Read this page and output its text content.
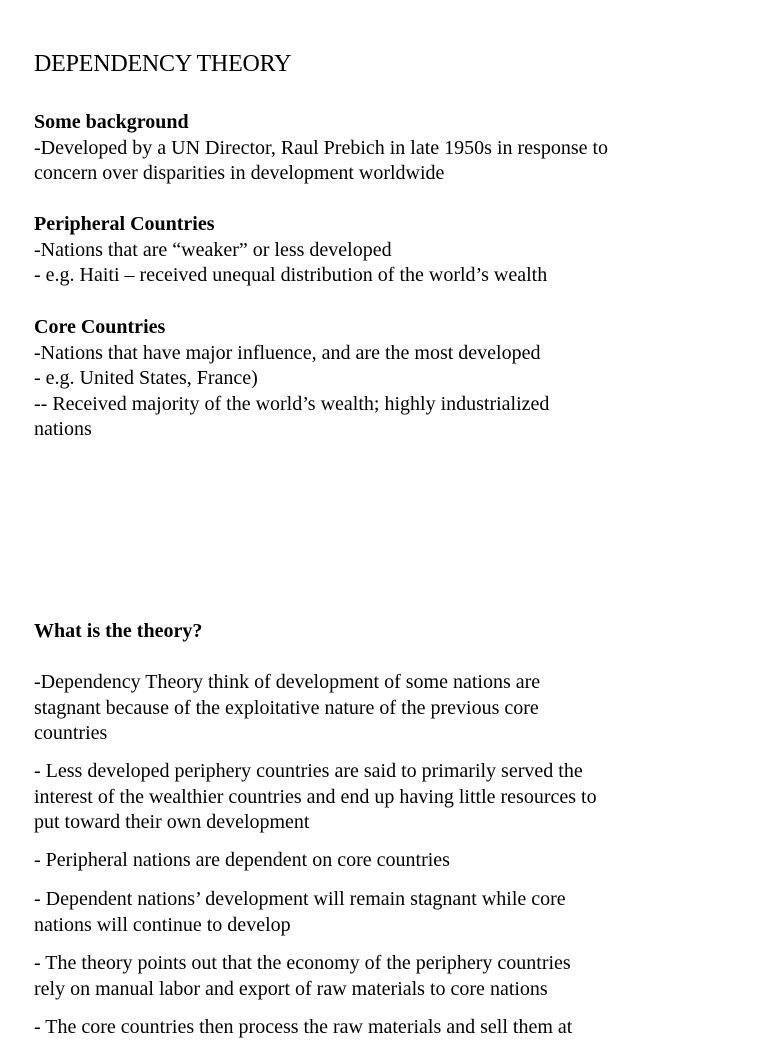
DEPENDENCY THEORY
Some background
-Developed by a UN Director, Raul Prebich in late 1950s in response to
concern over disparities in development worldwide
Peripheral Countries
-Nations that are “weaker” or less developed
- e.g. Haiti – received unequal distribution of the world’s wealth
Core Countries
-Nations that have major influence, and are the most developed
- e.g. United States, France)
-- Received majority of the world’s wealth; highly industrialized
nations
What is the theory?
-Dependency Theory think of development of some nations are
stagnant because of the exploitative nature of the previous core
countries
- Less developed periphery countries are said to primarily served the
interest of the wealthier countries and end up having little resources to
put toward their own development
- Peripheral nations are dependent on core countries
- Dependent nations’ development will remain stagnant while core
nations will continue to develop
- The theory points out that the economy of the periphery countries
rely on manual labor and export of raw materials to core nations
- The core countries then process the raw materials and sell them at
